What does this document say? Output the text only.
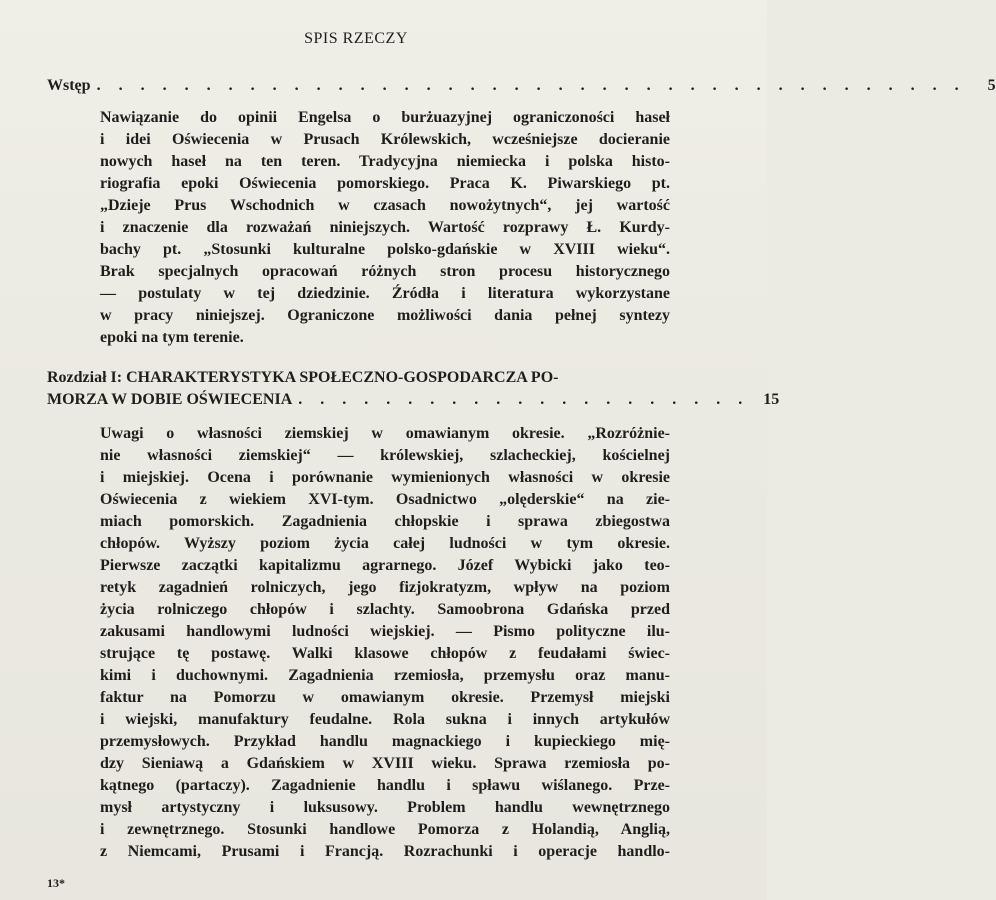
SPIS RZECZY
Wstęp . . . . . . . . . . . . . . . . . . . . . . . . . . . . . . . . . . . . . . . .	5
Nawiązanie do opinii Engelsa o burżuazyjnej ograniczoności haseł
i idei Oświecenia w Prusach Królewskich, wcześniejsze docieranie
nowych haseł na ten teren. Tradycyjna niemiecka i polska histo-
riografia epoki Oświecenia pomorskiego. Praca K. Piwarskiego pt.
„Dzieje Prus Wschodnich w czasach nowożytnych“, jej wartość
i znaczenie dla rozważań niniejszych. Wartość rozprawy Ł. Kurdy-
bachy pt. „Stosunki kulturalne polsko-gdańskie w XVIII wieku“.
Brak specjalnych opracowań różnych stron procesu historycznego
— postulaty w tej dziedzinie. Źródła i literatura wykorzystane
w pracy niniejszej. Ograniczone możliwości dania pełnej syntezy
epoki na tym terenie.
Rozdział I: CHARAKTERYSTYKA SPOŁECZNO-GOSPODARCZA PO-
MORZA W DOBIE OŚWIECENIA . . . . . . . . . . . . . . . . . . . . . 15
Uwagi o własności ziemskiej w omawianym okresie. „Rozróżnie-
nie własności ziemskiej“ — królewskiej, szlacheckiej, kościelnej
i miejskiej. Ocena i porównanie wymienionych własności w okresie
Oświecenia z wiekiem XVI-tym. Osadnictwo „olęderskie“ na zie-
miach pomorskich. Zagadnienia chłopskie i sprawa zbiegostwa
chłopów. Wyższy poziom życia całej ludności w tym okresie.
Pierwsze zaczątki kapitalizmu agrarnego. Józef Wybicki jako teo-
retyk zagadnień rolniczych, jego fizjokratyzm, wpływ na poziom
życia rolniczego chłopów i szlachty. Samoobrona Gdańska przed
zakusami handlowymi ludności wiejskiej. — Pismo polityczne ilu-
strujące tę postawę. Walki klasowe chłopów z feudałami świec-
kimi i duchownymi. Zagadnienia rzemiosła, przemysłu oraz manu-
faktur na Pomorzu w omawianym okresie. Przemysł miejski
i wiejski, manufaktury feudalne. Rola sukna i innych artykułów
przemysłowych. Przykład handlu magnackiego i kupieckiego mię-
dzy Sieniawą a Gdańskiem w XVIII wieku. Sprawa rzemiosła po-
kątnego (partaczy). Zagadnienie handlu i spławu wiślanego. Prze-
mysł artystyczny i luksusowy. Problem handlu wewnętrznego
i zewnętrznego. Stosunki handlowe Pomorza z Holandią, Anglią,
z Niemcami, Prusami i Francją. Rozrachunki i operacje handlo-
13*
